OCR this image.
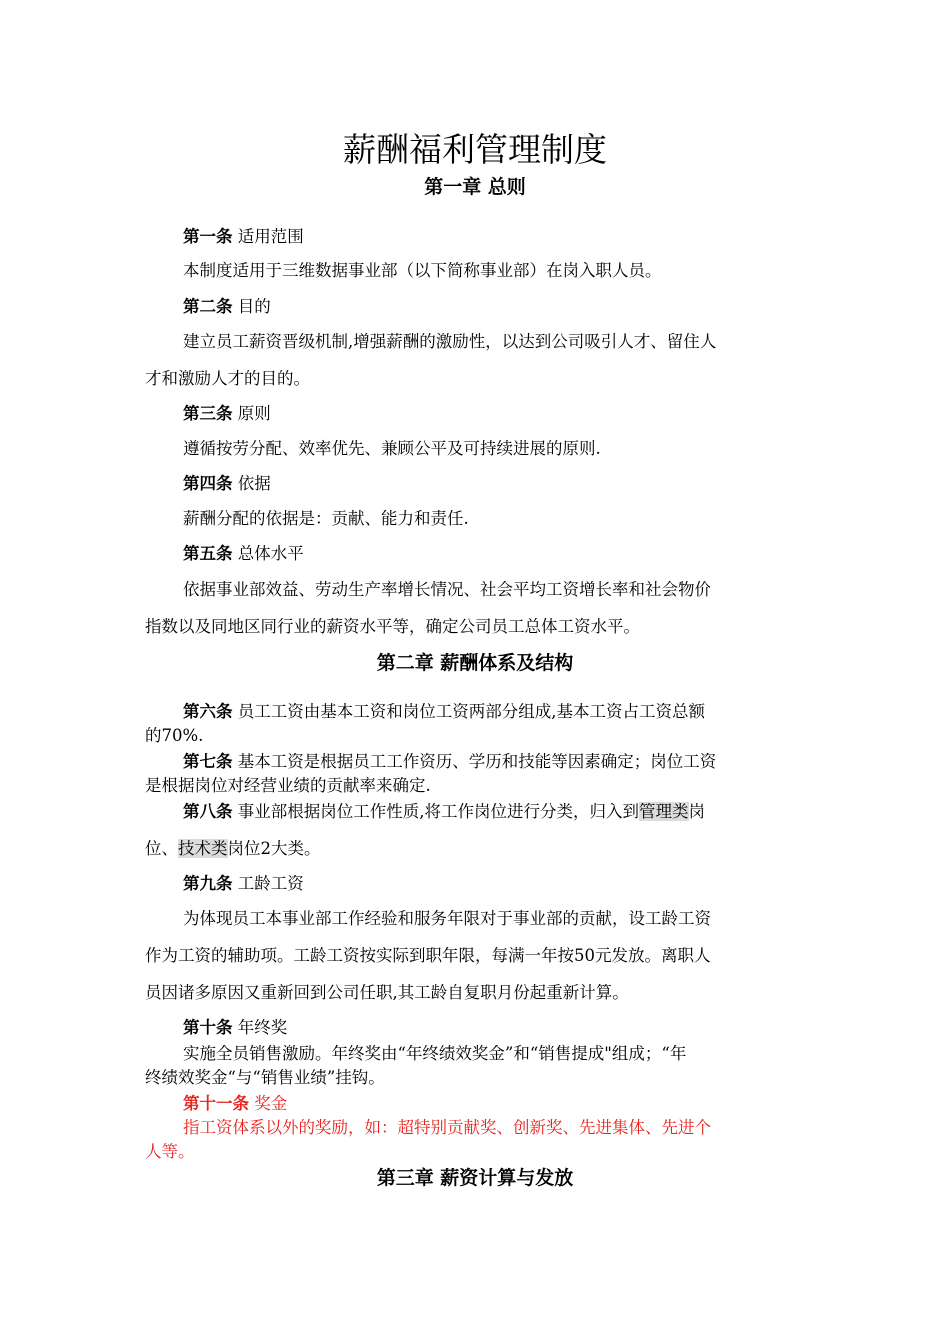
薪酬福利管理制度
第一章 总则
第一条 适用范围
本制度适用于三维数据事业部（以下简称事业部）在岗入职人员。
第二条 目的
建立员工薪资晋级机制,增强薪酬的激励性，以达到公司吸引人才、留住人
才和激励人才的目的。
第三条 原则
遵循按劳分配、效率优先、兼顾公平及可持续进展的原则.
第四条 依据
薪酬分配的依据是：贡献、能力和责任.
第五条 总体水平
依据事业部效益、劳动生产率增长情况、社会平均工资增长率和社会物价
指数以及同地区同行业的薪资水平等，确定公司员工总体工资水平。
第二章 薪酬体系及结构
第六条 员工工资由基本工资和岗位工资两部分组成,基本工资占工资总额
的70%.
第七条 基本工资是根据员工工作资历、学历和技能等因素确定；岗位工资
是根据岗位对经营业绩的贡献率来确定.
第八条 事业部根据岗位工作性质,将工作岗位进行分类，归入到管理类岗
位、技术类岗位2大类。
第九条 工龄工资
为体现员工本事业部工作经验和服务年限对于事业部的贡献，设工龄工资
作为工资的辅助项。工龄工资按实际到职年限，每满一年按50元发放。离职人
员因诸多原因又重新回到公司任职,其工龄自复职月份起重新计算。
第十条 年终奖
实施全员销售激励。年终奖由“年终绩效奖金”和“销售提成"组成；“年
终绩效奖金“与“销售业绩”挂钩。
第十一条 奖金
指工资体系以外的奖励，如：超特别贡献奖、创新奖、先进集体、先进个
人等。
第三章 薪资计算与发放
